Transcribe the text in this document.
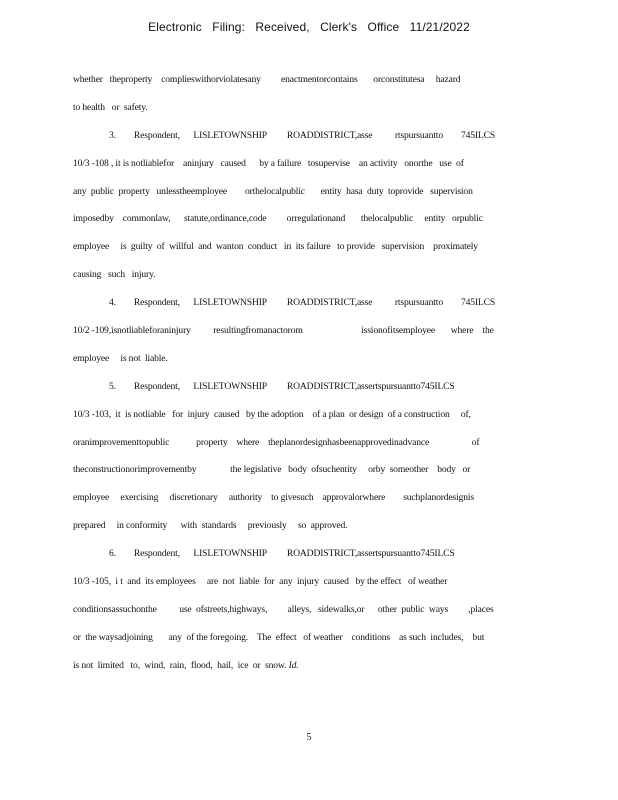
Electronic Filing: Received, Clerk's Office 11/21/2022
whether   theproperty    complieswithorviolatesany         enactmentorcontains       orconstitutesa     hazard
to health   or  safety.
3.        Respondent,      LISLETOWNSHIP         ROADDISTRICT,asse          rtspursuantto        745ILCS
10/3 -108 , it is notliablefor    aninjury   caused      by a failure   tosupervise    an activity   onorthe   use  of
any  public  property   unlesstheemployee        orthelocalpublic       entity  hasa  duty  toprovide   supervision
imposedby    commonlaw,      statute,ordinance,code         orregulationand       thelocalpublic     entity   orpublic
employee     is  guilty  of  willful  and  wanton  conduct   in  its failure   to provide   supervision    proximately
causing   such   injury.
4.        Respondent,      LISLETOWNSHIP         ROADDISTRICT,asse          rtspursuantto        745ILCS
10/2 -109,isnotliableforaninjury          resultingfromanactorom                          issionofitsemployee       where    the
employee     is not  liable.
5.        Respondent,      LISLETOWNSHIP         ROADDISTRICT,assertspursuantto745ILCS
10/3 -103,  it  is notliable   for  injury  caused   by the adoption    of a plan  or design  of a construction     of,
oranimprovementtopublic            property    where    theplanordesignhasbeenapprovedinadvance                   of
theconstructionorimprovementby               the legislative   body  ofsuchentity     orby  someother    body   or
employee     exercising     discretionary     authority    to givesuch    approvalorwhere        suchplanordesignis
prepared     in conformity      with  standards     previously     so  approved.
6.        Respondent,      LISLETOWNSHIP         ROADDISTRICT,assertspursuantto745ILCS
10/3 -105,  i t  and  its employees     are  not  liable  for  any  injury  caused   by the effect   of weather
conditionsassuchonthe          use  ofstreets,highways,         alleys,   sidewalks,or      other  public  ways         ,places
or  the waysadjoining       any  of the foregoing.    The  effect   of weather    conditions    as such  includes,    but
is not  limited   to,  wind,  rain,  flood,  hail,  ice  or  snow. Id.
5
